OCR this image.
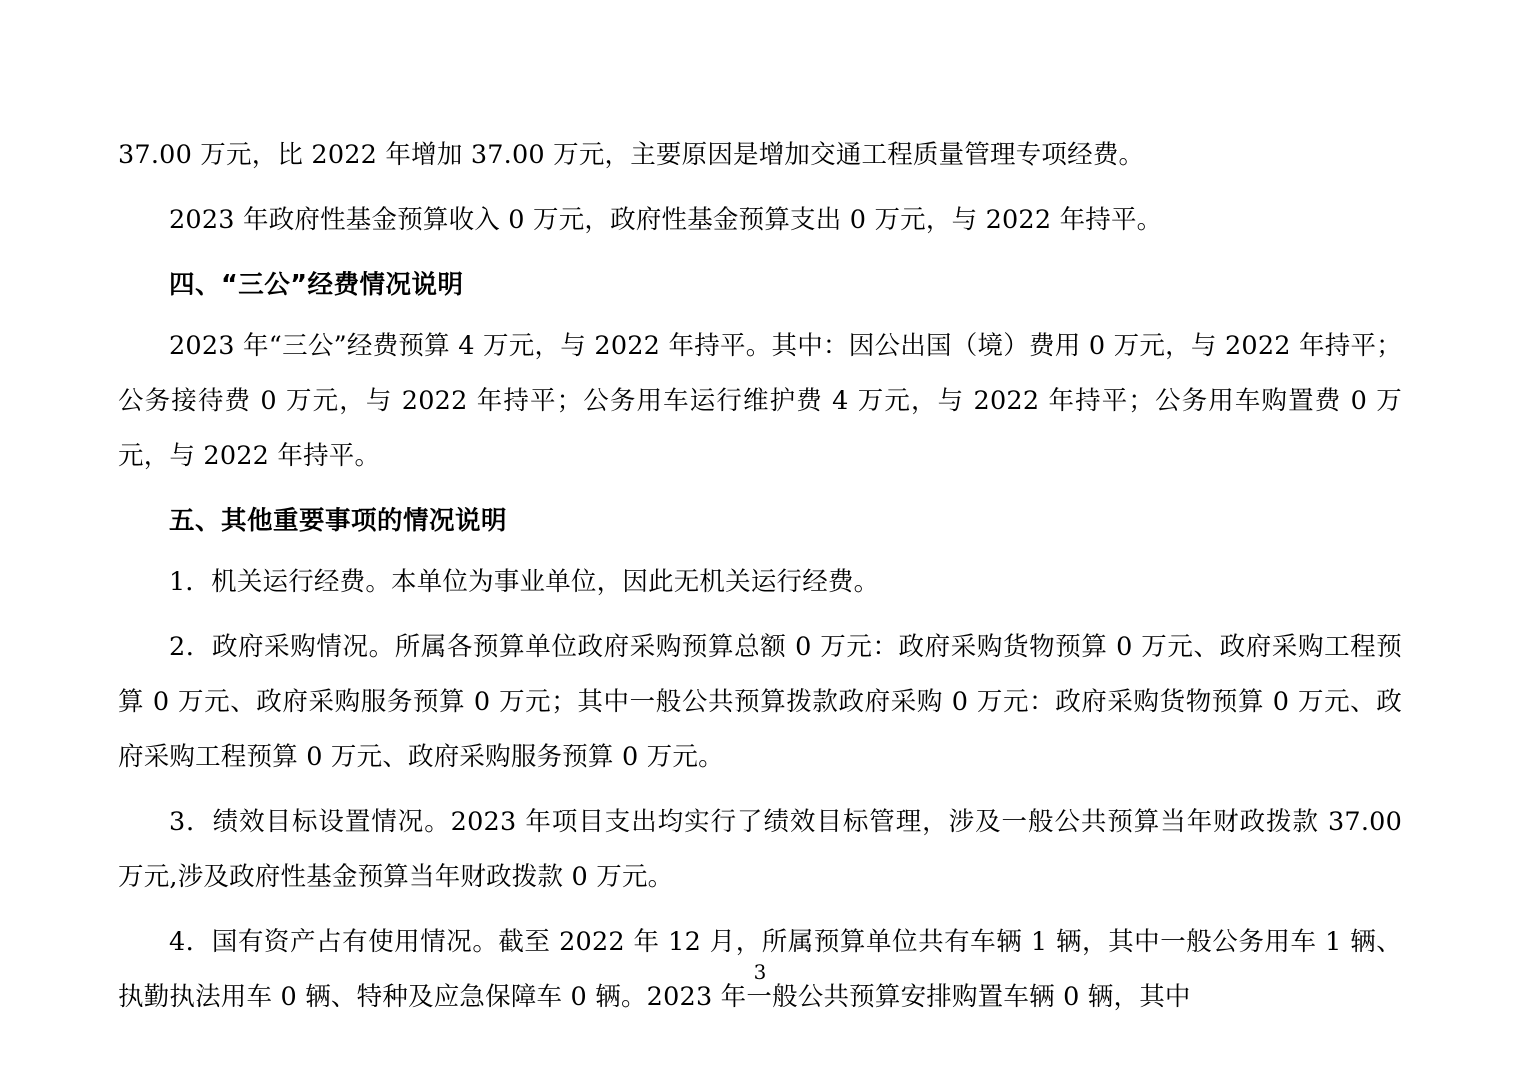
37.00 万元，比 2022 年增加 37.00 万元，主要原因是增加交通工程质量管理专项经费。

2023 年政府性基金预算收入 0 万元，政府性基金预算支出 0 万元，与 2022 年持平。

四、“三公”经费情况说明

2023 年“三公”经费预算 4 万元，与 2022 年持平。其中：因公出国（境）费用 0 万元，与 2022 年持平；公务接待费 0 万元，与 2022 年持平；公务用车运行维护费 4 万元，与 2022 年持平；公务用车购置费 0 万元，与 2022 年持平。

五、其他重要事项的情况说明

1．机关运行经费。本单位为事业单位，因此无机关运行经费。

2．政府采购情况。所属各预算单位政府采购预算总额 0 万元：政府采购货物预算 0 万元、政府采购工程预算 0 万元、政府采购服务预算 0 万元；其中一般公共预算拨款政府采购 0 万元：政府采购货物预算 0 万元、政府采购工程预算 0 万元、政府采购服务预算 0 万元。

3．绩效目标设置情况。2023 年项目支出均实行了绩效目标管理，涉及一般公共预算当年财政拨款 37.00 万元,涉及政府性基金预算当年财政拨款 0 万元。

4．国有资产占有使用情况。截至 2022 年 12 月，所属预算单位共有车辆 1 辆，其中一般公务用车 1 辆、执勤执法用车 0 辆、特种及应急保障车 0 辆。2023 年一般公共预算安排购置车辆 0 辆，其中

3
